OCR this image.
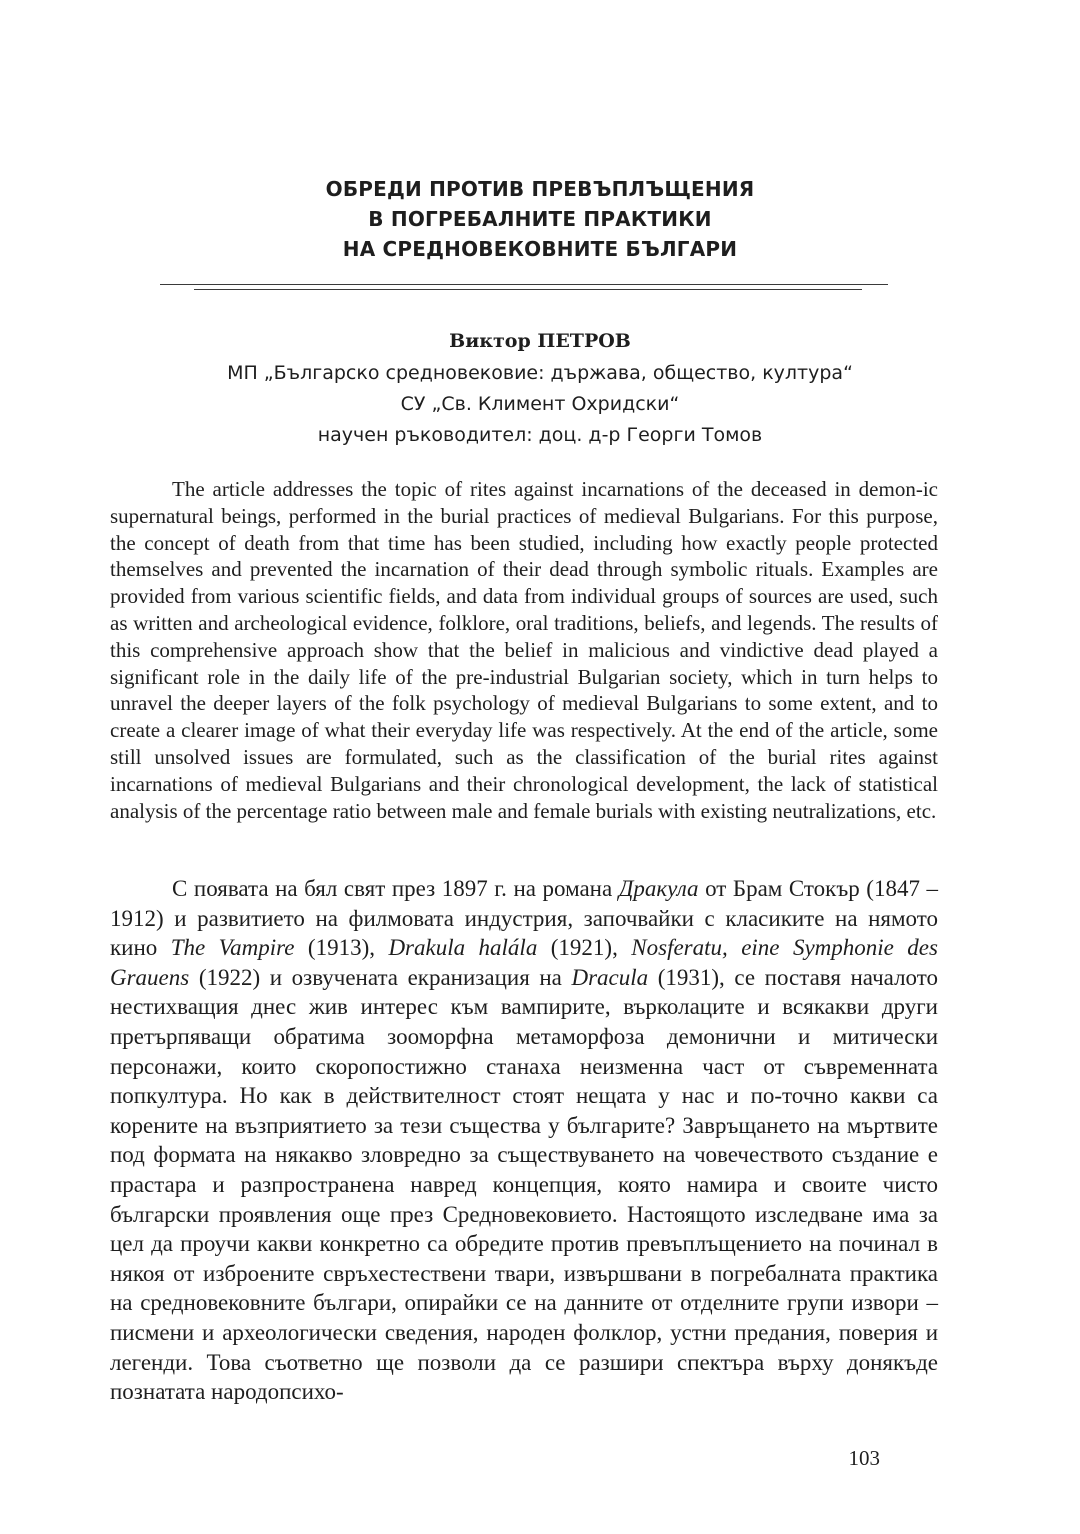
ОБРЕДИ ПРОТИВ ПРЕВЪПЛЪЩЕНИЯ
В ПОГРЕБАЛНИТЕ ПРАКТИКИ
НА СРЕДНОВЕКОВНИТЕ БЪЛГАРИ
Виктор ПЕТРОВ
МП „Българско средновековие: държава, общество, култура“
СУ „Св. Климент Охридски“
научен ръководител: доц. д-р Георги Томов
The article addresses the topic of rites against incarnations of the deceased in demon-ic supernatural beings, performed in the burial practices of medieval Bulgarians. For this purpose, the concept of death from that time has been studied, including how exactly people protected themselves and prevented the incarnation of their dead through symbolic rituals. Examples are provided from various scientific fields, and data from individual groups of sources are used, such as written and archeological evidence, folklore, oral traditions, beliefs, and legends. The results of this comprehensive approach show that the belief in malicious and vindictive dead played a significant role in the daily life of the pre-industrial Bulgarian society, which in turn helps to unravel the deeper layers of the folk psychology of medieval Bulgarians to some extent, and to create a clearer image of what their everyday life was respectively. At the end of the article, some still unsolved issues are formulated, such as the classification of the burial rites against incarnations of medieval Bulgarians and their chronological development, the lack of statistical analysis of the percentage ratio between male and female burials with existing neutralizations, etc.
С появата на бял свят през 1897 г. на романа Дракула от Брам Стокър (1847 – 1912) и развитието на филмовата индустрия, започвайки с класиките на нямото кино The Vampire (1913), Drakula halála (1921), Nosferatu, eine Symphonie des Grauens (1922) и озвучената екранизация на Dracula (1931), се поставя началото нестихващия днес жив интерес към вампирите, върколаците и всякакви други претърпяващи обратима зооморфна метаморфоза демонични и митически персонажи, които скоропостижно станаха неизменна част от съвременната попкултура. Но как в действителност стоят нещата у нас и по-точно какви са корените на възприятието за тези същества у българите? Завръщането на мъртвите под формата на някакво зловредно за съществуването на човечеството създание е прастара и разпространена навред концепция, която намира и своите чисто български проявления още през Средновековието. Настоящото изследване има за цел да проучи какви конкретно са обредите против превъплъщението на починал в някоя от изброените свръхестествени твари, извършвани в погребалната практика на средновековните българи, опирайки се на данните от отделните групи извори – писмени и археологически сведения, народен фолклор, устни предания, поверия и легенди. Това съответно ще позволи да се разшири спектъра върху донякъде познатата народопсихо-
103
